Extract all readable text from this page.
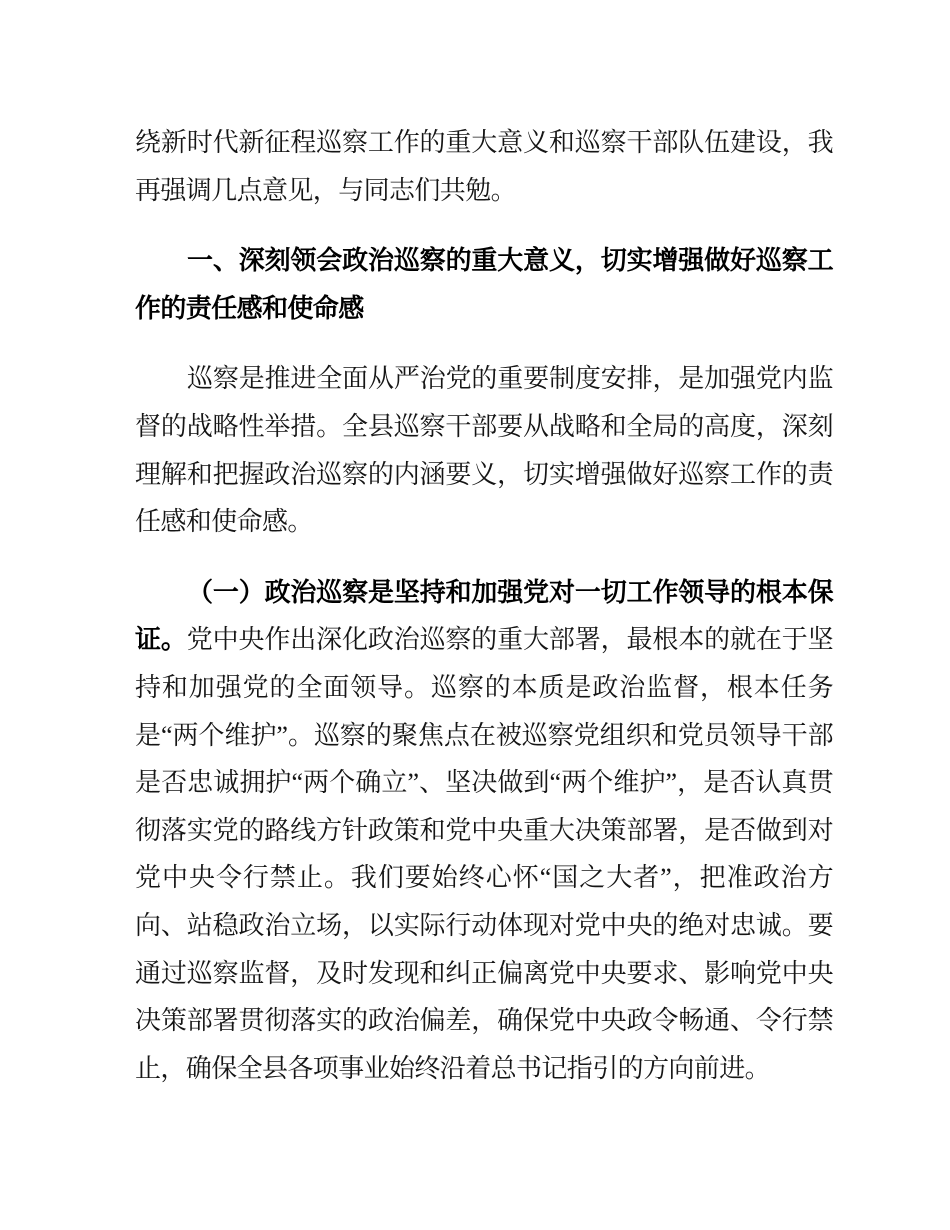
绕新时代新征程巡察工作的重大意义和巡察干部队伍建设，我再强调几点意见，与同志们共勉。

一、深刻领会政治巡察的重大意义，切实增强做好巡察工作的责任感和使命感

巡察是推进全面从严治党的重要制度安排，是加强党内监督的战略性举措。全县巡察干部要从战略和全局的高度，深刻理解和把握政治巡察的内涵要义，切实增强做好巡察工作的责任感和使命感。

（一）政治巡察是坚持和加强党对一切工作领导的根本保证。党中央作出深化政治巡察的重大部署，最根本的就在于坚持和加强党的全面领导。巡察的本质是政治监督，根本任务是“两个维护”。巡察的聚焦点在被巡察党组织和党员领导干部是否忠诚拥护“两个确立”、坚决做到“两个维护”，是否认真贯彻落实党的路线方针政策和党中央重大决策部署，是否做到对党中央令行禁止。我们要始终心怀“国之大者”，把准政治方向、站稳政治立场，以实际行动体现对党中央的绝对忠诚。要通过巡察监督，及时发现和纠正偏离党中央要求、影响党中央决策部署贯彻落实的政治偏差，确保党中央政令畅通、令行禁止，确保全县各项事业始终沿着总书记指引的方向前进。
